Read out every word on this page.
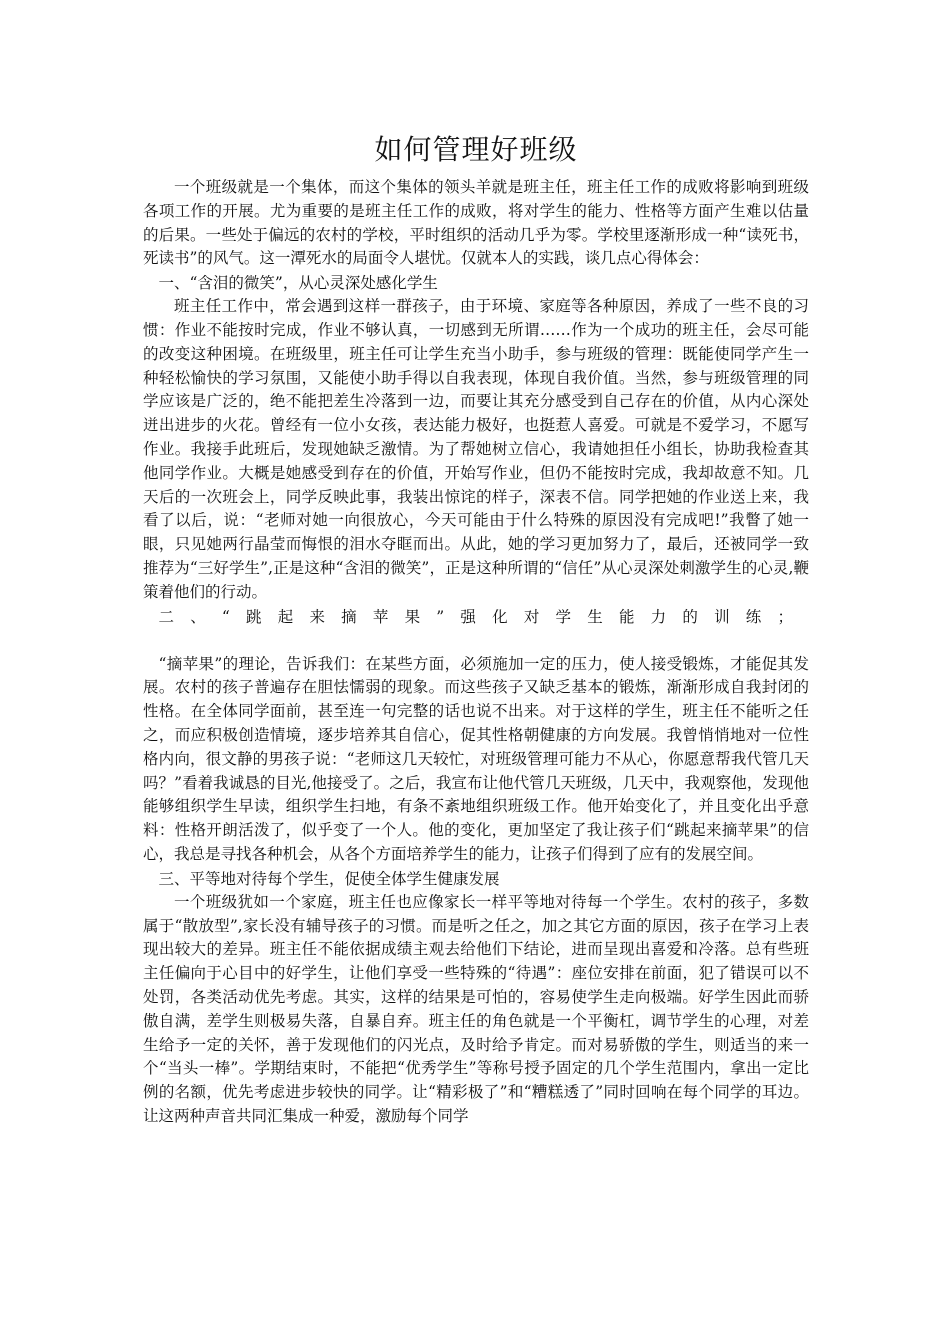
如何管理好班级

一个班级就是一个集体，而这个集体的领头羊就是班主任，班主任工作的成败将影响到班级各项工作的开展。尤为重要的是班主任工作的成败，将对学生的能力、性格等方面产生难以估量的后果。一些处于偏远的农村的学校，平时组织的活动几乎为零。学校里逐渐形成一种“读死书，死读书”的风气。这一潭死水的局面令人堪忧。仅就本人的实践，谈几点心得体会：

一、“含泪的微笑”，从心灵深处感化学生

班主任工作中，常会遇到这样一群孩子，由于环境、家庭等各种原因，养成了一些不良的习惯：作业不能按时完成，作业不够认真，一切感到无所谓……作为一个成功的班主任，会尽可能的改变这种困境。在班级里，班主任可让学生充当小助手，参与班级的管理：既能使同学产生一种轻松愉快的学习氛围，又能使小助手得以自我表现，体现自我价值。当然，参与班级管理的同学应该是广泛的，绝不能把差生冷落到一边，而要让其充分感受到自己存在的价值，从内心深处迸出进步的火花。曾经有一位小女孩，表达能力极好，也挺惹人喜爱。可就是不爱学习，不愿写作业。我接手此班后，发现她缺乏激情。为了帮她树立信心，我请她担任小组长，协助我检查其他同学作业。大概是她感受到存在的价值，开始写作业，但仍不能按时完成，我却故意不知。几天后的一次班会上，同学反映此事，我装出惊诧的样子，深表不信。同学把她的作业送上来，我看了以后，说：“老师对她一向很放心，今天可能由于什么特殊的原因没有完成吧!”我瞥了她一眼，只见她两行晶莹而悔恨的泪水夺眶而出。从此，她的学习更加努力了，最后，还被同学一致推荐为“三好学生”,正是这种“含泪的微笑”，正是这种所谓的“信任”从心灵深处刺激学生的心灵,鞭策着他们的行动。

二、“跳起来摘苹果”强化对学生能力的训练；

“摘苹果”的理论，告诉我们：在某些方面，必须施加一定的压力，使人接受锻炼，才能促其发展。农村的孩子普遍存在胆怯懦弱的现象。而这些孩子又缺乏基本的锻炼，渐渐形成自我封闭的性格。在全体同学面前，甚至连一句完整的话也说不出来。对于这样的学生，班主任不能听之任之，而应积极创造情境，逐步培养其自信心，促其性格朝健康的方向发展。我曾悄悄地对一位性格内向，很文静的男孩子说：“老师这几天较忙，对班级管理可能力不从心，你愿意帮我代管几天吗？”看着我诚恳的目光,他接受了。之后，我宣布让他代管几天班级，几天中，我观察他，发现他能够组织学生早读，组织学生扫地，有条不紊地组织班级工作。他开始变化了，并且变化出乎意料：性格开朗活泼了，似乎变了一个人。他的变化，更加坚定了我让孩子们“跳起来摘苹果”的信心，我总是寻找各种机会，从各个方面培养学生的能力，让孩子们得到了应有的发展空间。

三、平等地对待每个学生，促使全体学生健康发展

一个班级犹如一个家庭，班主任也应像家长一样平等地对待每一个学生。农村的孩子，多数属于“散放型”,家长没有辅导孩子的习惯。而是听之任之，加之其它方面的原因，孩子在学习上表现出较大的差异。班主任不能依据成绩主观去给他们下结论，进而呈现出喜爱和冷落。总有些班主任偏向于心目中的好学生，让他们享受一些特殊的“待遇”：座位安排在前面，犯了错误可以不处罚，各类活动优先考虑。其实，这样的结果是可怕的，容易使学生走向极端。好学生因此而骄傲自满，差学生则极易失落，自暴自弃。班主任的角色就是一个平衡杠，调节学生的心理，对差生给予一定的关怀，善于发现他们的闪光点，及时给予肯定。而对易骄傲的学生，则适当的来一个“当头一棒”。学期结束时，不能把“优秀学生”等称号授予固定的几个学生范围内，拿出一定比例的名额，优先考虑进步较快的同学。让“精彩极了”和“糟糕透了”同时回响在每个同学的耳边。让这两种声音共同汇集成一种爱，激励每个同学
